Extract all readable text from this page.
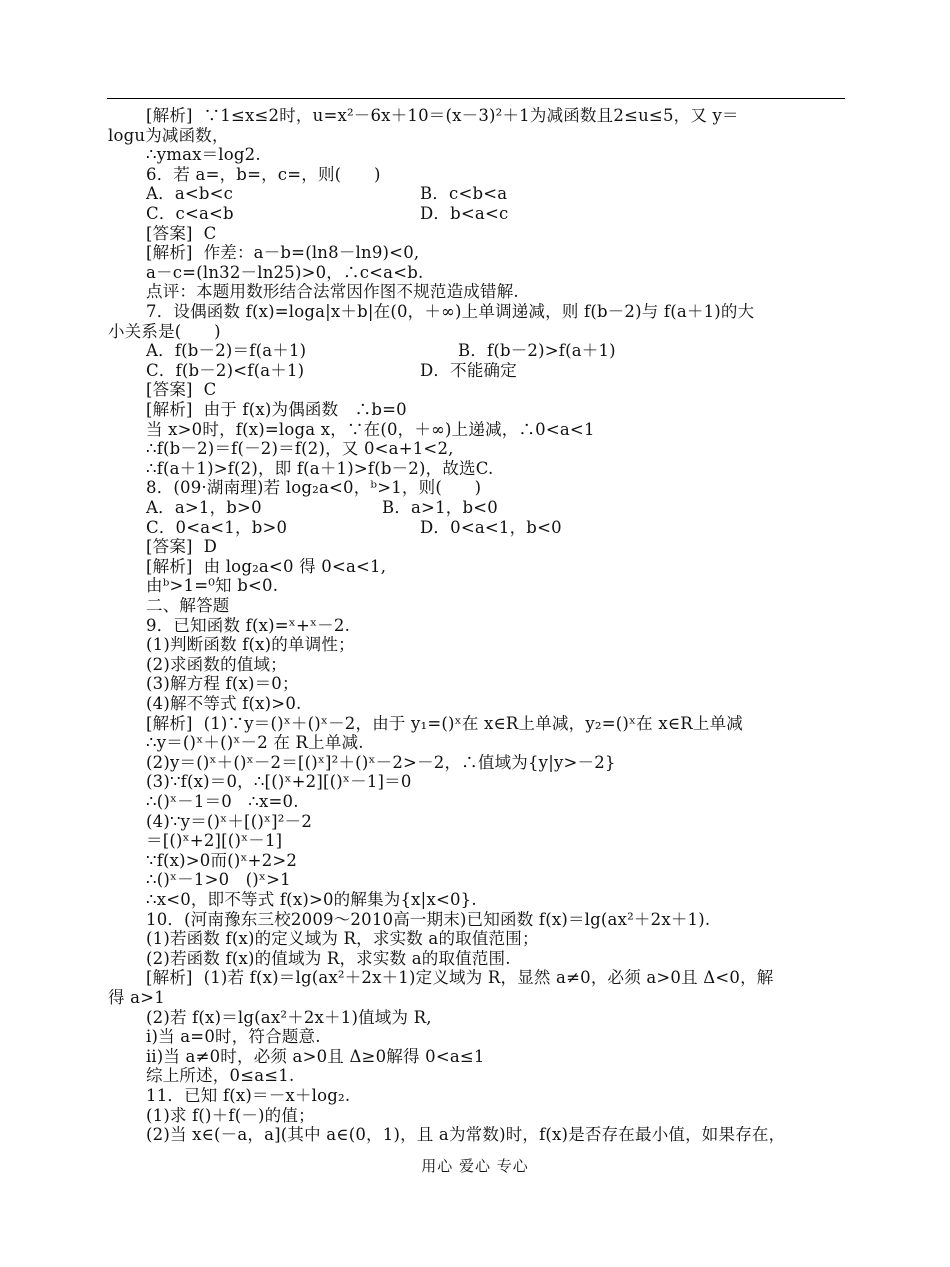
[解析]  ∵1≤x≤2时，u=x²－6x＋10＝(x－3)²＋1为减函数且2≤u≤5，又 y＝
logu为减函数，
∴ymax＝log2.
6．若 a=，b=，c=，则(      )
A．a<b<c	B．c<b<a
C．c<a<b	D．b<a<c
[答案]  C
[解析]  作差：a－b=(ln8－ln9)<0,
a－c=(ln32－ln25)>0，∴c<a<b.
点评：本题用数形结合法常因作图不规范造成错解.
7．设偶函数 f(x)=loga|x＋b|在(0，＋∞)上单调递减，则 f(b－2)与 f(a＋1)的大
小关系是(      )
A．f(b－2)＝f(a＋1)	B．f(b－2)>f(a＋1)
C．f(b－2)<f(a＋1)	D．不能确定
[答案]  C
[解析]  由于 f(x)为偶函数   ∴b=0
当 x>0时，f(x)=loga x，∵在(0，＋∞)上递减，∴0<a<1
∴f(b－2)＝f(－2)＝f(2)，又 0<a+1<2,
∴f(a＋1)>f(2)，即 f(a＋1)>f(b－2)，故选C.
8．(09·湖南理)若 log₂a<0，ᵇ>1，则(      )
A．a>1，b>0	B．a>1，b<0
C．0<a<1，b>0	D．0<a<1，b<0
[答案]  D
[解析]  由 log₂a<0 得 0<a<1,
由ᵇ>1=⁰知 b<0.
二、解答题
9．已知函数 f(x)=ˣ+ˣ－2.
(1)判断函数 f(x)的单调性；
(2)求函数的值域；
(3)解方程 f(x)＝0；
(4)解不等式 f(x)>0.
[解析]  (1)∵y＝()ˣ＋()ˣ－2，由于 y₁=()ˣ在 x∈R上单减，y₂=()ˣ在 x∈R上单减
∴y＝()ˣ＋()ˣ－2 在 R上单减.
(2)y＝()ˣ＋()ˣ－2＝[()ˣ]²＋()ˣ－2>－2，∴值域为{y|y>－2}
(3)∵f(x)＝0，∴[()ˣ+2][()ˣ－1]＝0
∴()ˣ－1＝0   ∴x=0.
(4)∵y＝()ˣ＋[()ˣ]²－2
＝[()ˣ+2][()ˣ－1]
∵f(x)>0而()ˣ+2>2
∴()ˣ－1>0   ()ˣ>1
∴x<0，即不等式 f(x)>0的解集为{x|x<0}.
10．(河南豫东三校2009～2010高一期末)已知函数 f(x)＝lg(ax²＋2x＋1).
(1)若函数 f(x)的定义域为 R，求实数 a的取值范围；
(2)若函数 f(x)的值域为 R，求实数 a的取值范围.
[解析]  (1)若 f(x)＝lg(ax²＋2x＋1)定义域为 R，显然 a≠0，必须 a>0且 Δ<0，解
得 a>1
(2)若 f(x)＝lg(ax²＋2x＋1)值域为 R,
ⅰ)当 a=0时，符合题意.
ⅱ)当 a≠0时，必须 a>0且 Δ≥0解得 0<a≤1
综上所述，0≤a≤1.
11．已知 f(x)＝－x＋log₂.
(1)求 f()＋f(－)的值；
(2)当 x∈(－a，a](其中 a∈(0，1)，且 a为常数)时，f(x)是否存在最小值，如果存在，
用心 爱心 专心
